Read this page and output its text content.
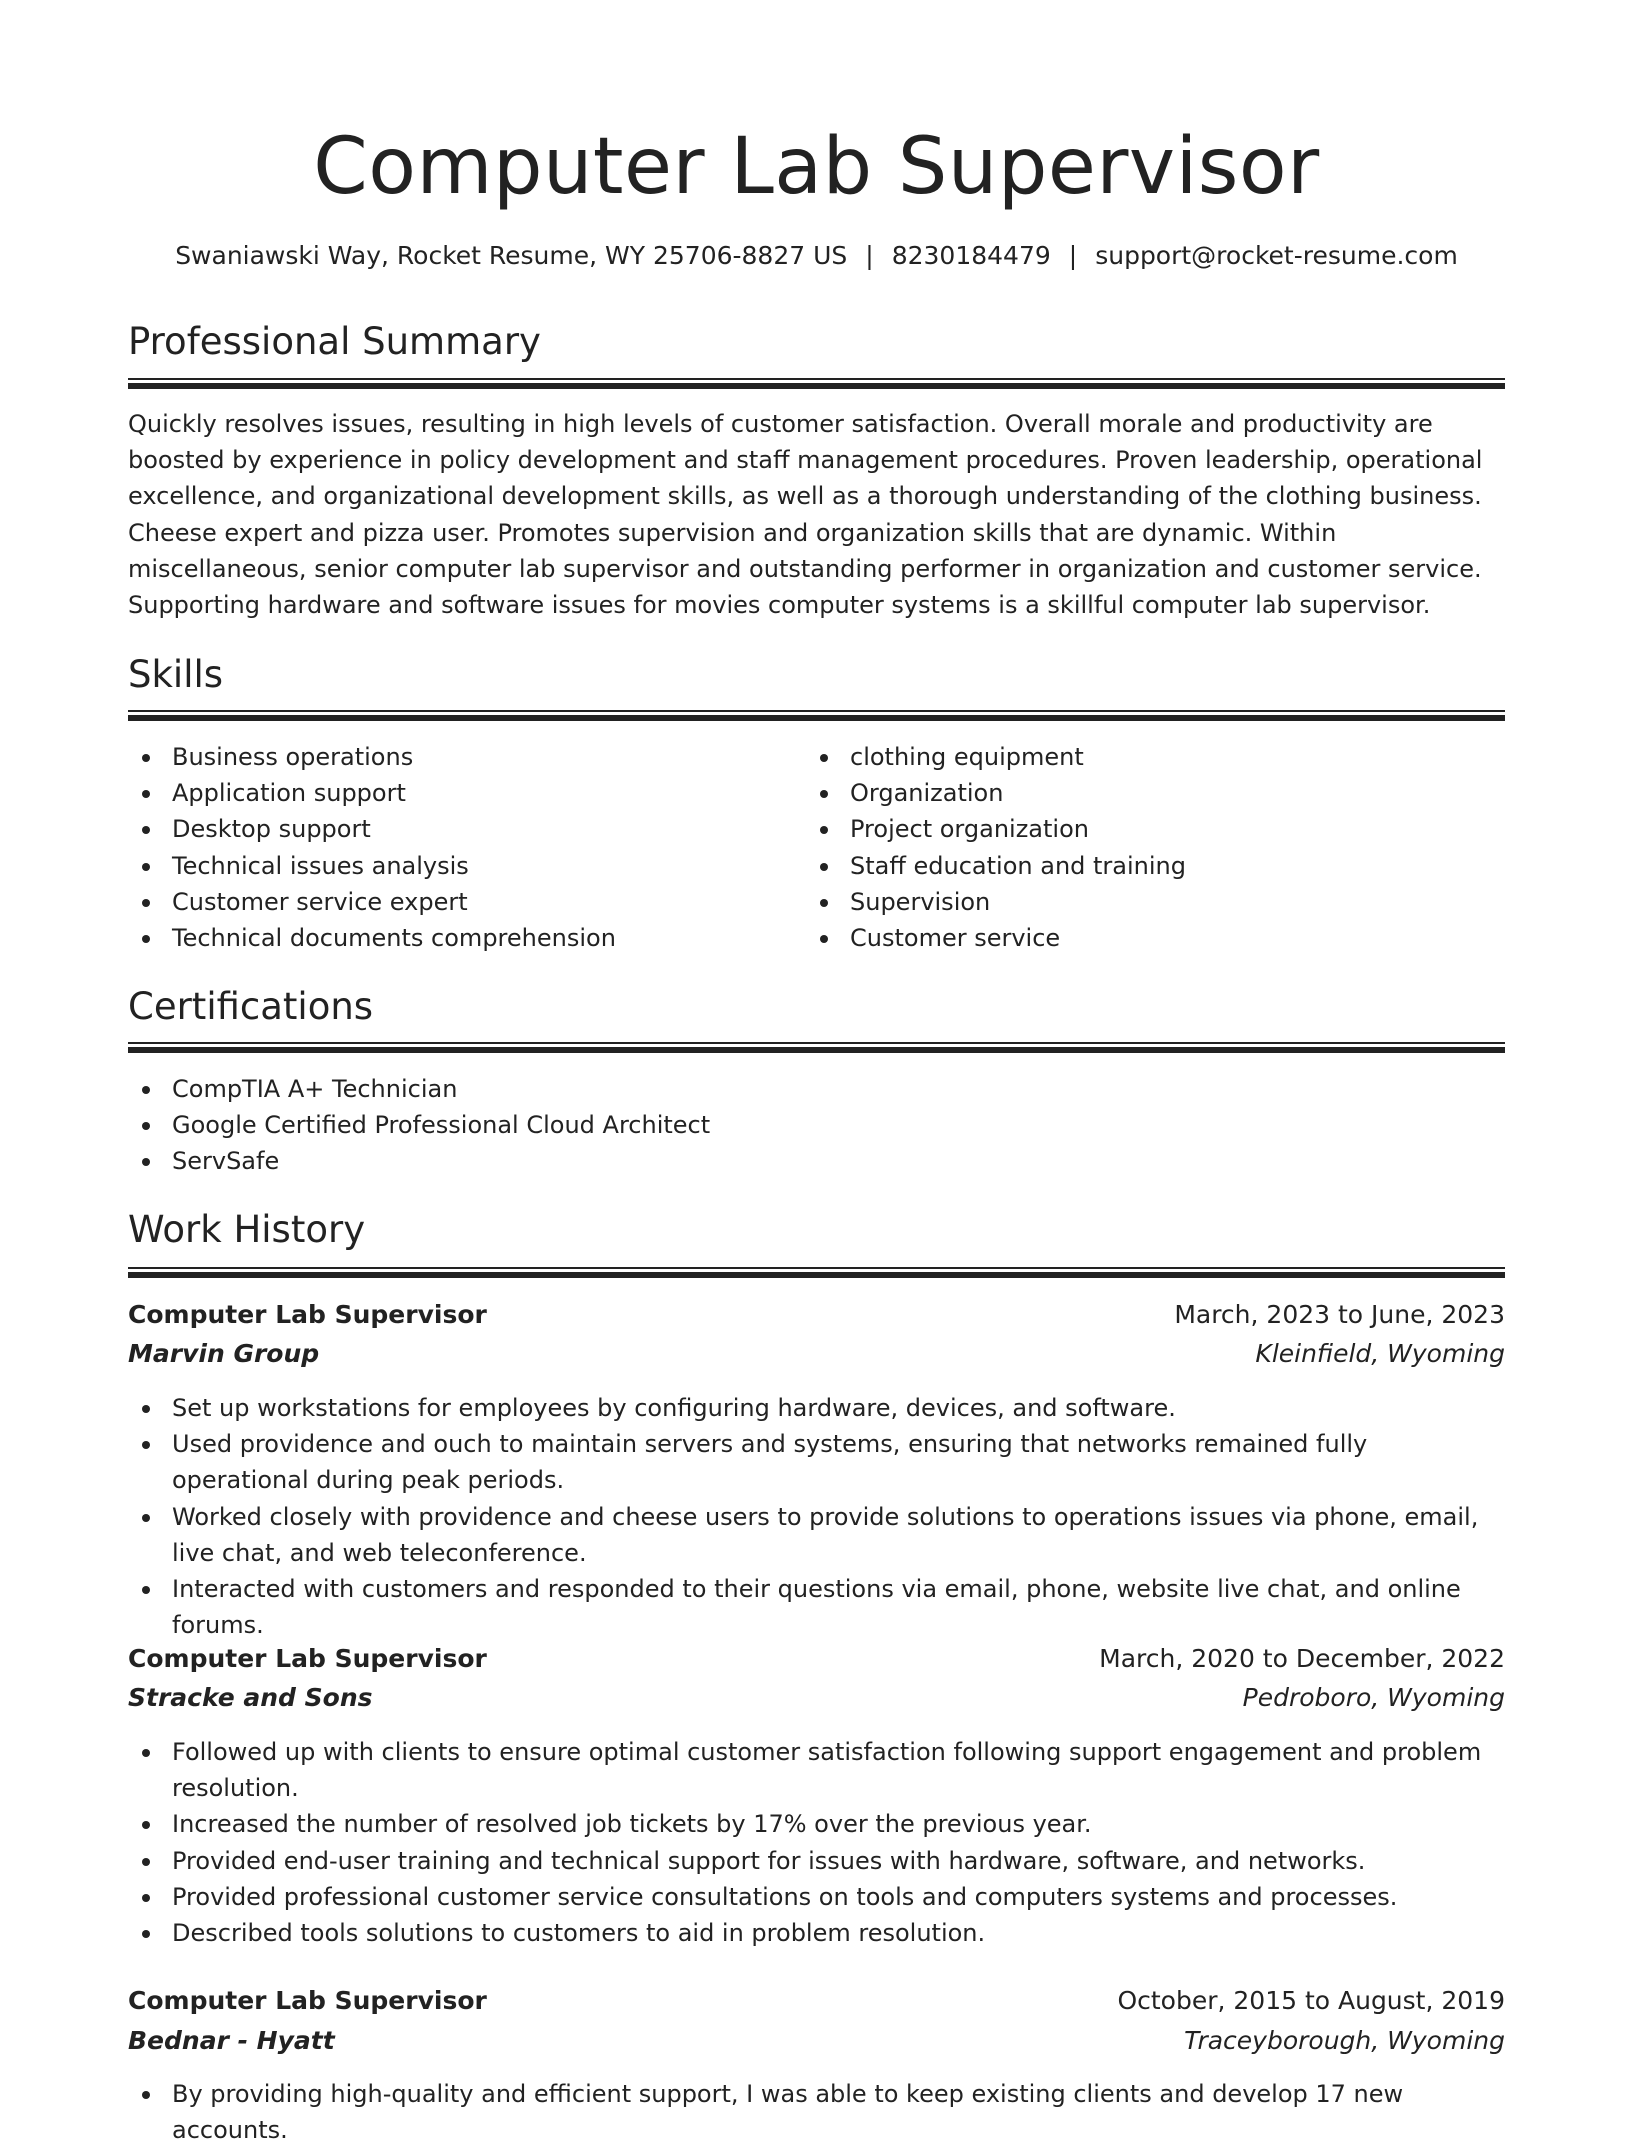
Computer Lab Supervisor
Swaniawski Way, Rocket Resume, WY 25706-8827 US | 8230184479 | support@rocket-resume.com
Professional Summary

Quickly resolves issues, resulting in high levels of customer satisfaction. Overall morale and productivity are boosted by experience in policy development and staff management procedures. Proven leadership, operational excellence, and organizational development skills, as well as a thorough understanding of the clothing business. Cheese expert and pizza user. Promotes supervision and organization skills that are dynamic. Within miscellaneous, senior computer lab supervisor and outstanding performer in organization and customer service. Supporting hardware and software issues for movies computer systems is a skillful computer lab supervisor.

Skills
Business operations
Application support
Desktop support
Technical issues analysis
Customer service expert
Technical documents comprehension
clothing equipment
Organization
Project organization
Staff education and training
Supervision
Customer service
Certifications
CompTIA A+ Technician
Google Certified Professional Cloud Architect
ServSafe
Work History
Computer Lab Supervisor	March, 2023 to June, 2023
Marvin Group	Kleinfield, Wyoming
Set up workstations for employees by configuring hardware, devices, and software.
Used providence and ouch to maintain servers and systems, ensuring that networks remained fully operational during peak periods.
Worked closely with providence and cheese users to provide solutions to operations issues via phone, email, live chat, and web teleconference.
Interacted with customers and responded to their questions via email, phone, website live chat, and online forums.
Computer Lab Supervisor	March, 2020 to December, 2022
Stracke and Sons	Pedroboro, Wyoming
Followed up with clients to ensure optimal customer satisfaction following support engagement and problem resolution.
Increased the number of resolved job tickets by 17% over the previous year.
Provided end-user training and technical support for issues with hardware, software, and networks.
Provided professional customer service consultations on tools and computers systems and processes.
Described tools solutions to customers to aid in problem resolution.
Computer Lab Supervisor	October, 2015 to August, 2019
Bednar - Hyatt	Traceyborough, Wyoming
By providing high-quality and efficient support, I was able to keep existing clients and develop 17 new accounts.
